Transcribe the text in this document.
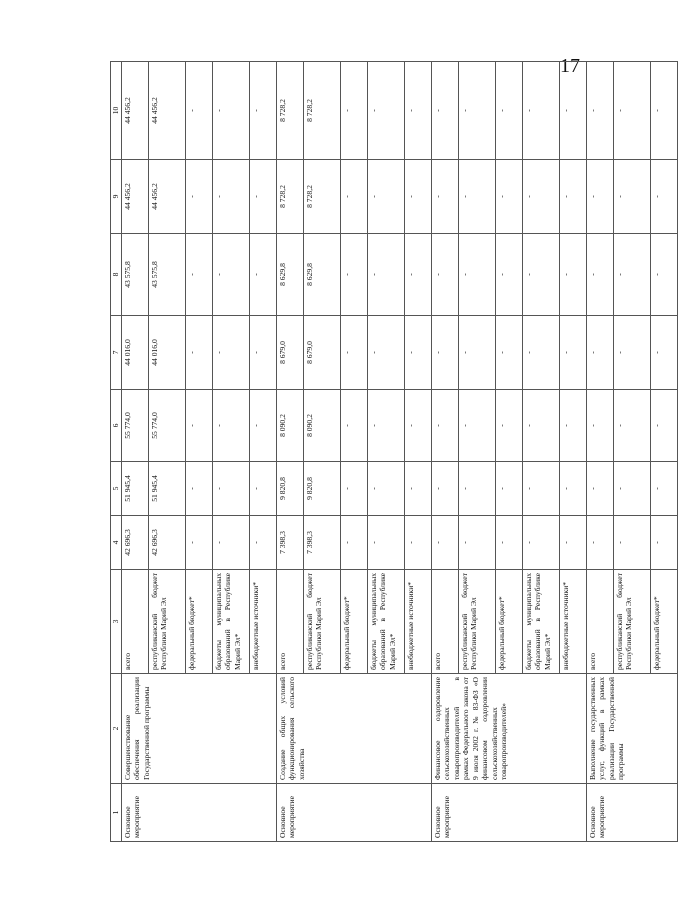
17
1	2	3	4	5	6	7	8	9	10
Основное мероприятие	Совершенствование обеспечения реализации Государственной программы	всего	42 696,3	51 945,4	55 774,0	44 016,0	43 575,8	44 456,2	44 456,2
		республиканский бюджет Республики Марий Эл	42 696,3	51 945,4	55 774,0	44 016,0	43 575,8	44 456,2	44 456,2
		федеральный бюджет*	-	-	-	-	-	-	-
		бюджеты муниципальных образований в Республике Марий Эл*	-	-	-	-	-	-	-
		внебюджетные источники*	-	-	-	-	-	-	-
Основное мероприятие	Создание общих условий функционирования сельского хозяйства	всего	7 398,3	9 820,8	8 090,2	8 679,0	8 629,8	8 728,2	8 728,2
		республиканский бюджет Республики Марий Эл	7 398,3	9 820,8	8 090,2	8 679,0	8 629,8	8 728,2	8 728,2
		федеральный бюджет*	-	-	-	-	-	-	-
		бюджеты муниципальных образований в Республике Марий Эл*	-	-	-	-	-	-	-
		внебюджетные источники*	-	-	-	-	-	-	-
Основное мероприятие	Финансовое оздоровление сельскохозяйственных товаропроизводителей в рамках Федерального закона от 9 июля 2002 г. № 83-ФЗ «О финансовом оздоровлении сельскохозяйственных товаропроизводителей»	всего	-	-	-	-	-	-	-
		республиканский бюджет Республики Марий Эл	-	-	-	-	-	-	-
		федеральный бюджет*	-	-	-	-	-	-	-
		бюджеты муниципальных образований в Республике Марий Эл*	-	-	-	-	-	-	-
		внебюджетные источники*	-	-	-	-	-	-	-
Основное мероприятие	Выполнение государственных услуг, функций в рамках реализации Государственной программы	всего	-	-	-	-	-	-	-
		республиканский бюджет Республики Марий Эл	-	-	-	-	-	-	-
		федеральный бюджет*	-	-	-	-	-	-	-
